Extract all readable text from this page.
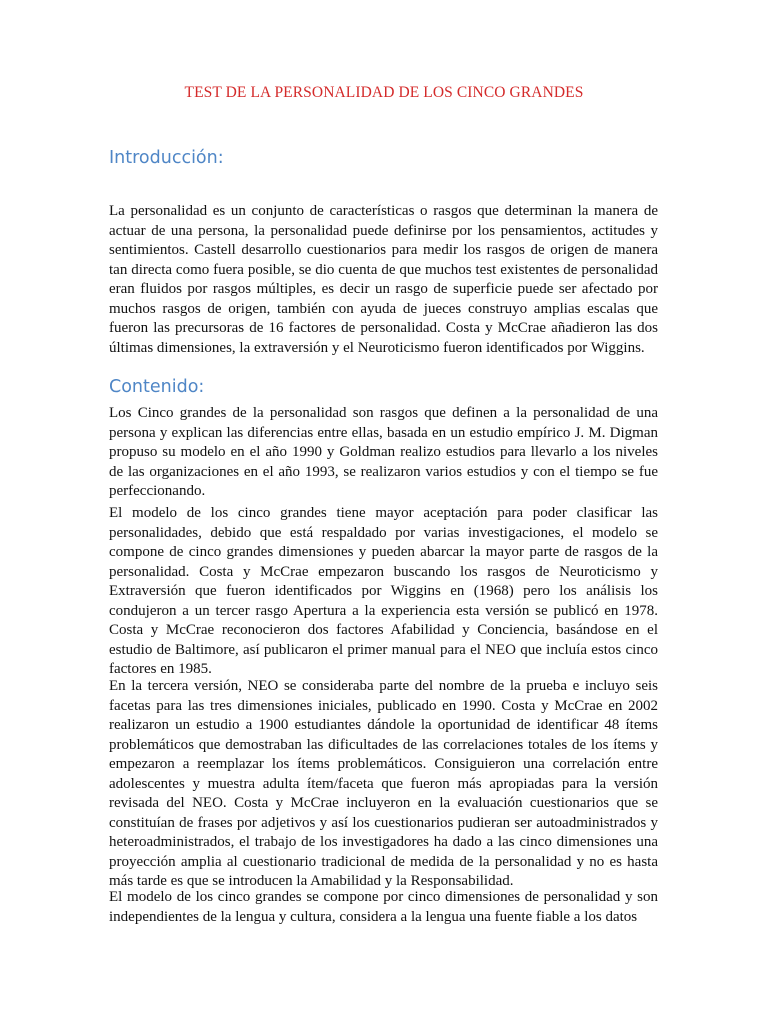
TEST DE LA PERSONALIDAD DE LOS CINCO GRANDES
Introducción:
La personalidad es un conjunto de características o rasgos que determinan la manera de actuar de una persona, la personalidad puede definirse por los pensamientos, actitudes y sentimientos. Castell desarrollo cuestionarios para medir los rasgos de origen de manera tan directa como fuera posible, se dio cuenta de que muchos test existentes de personalidad eran fluidos por rasgos múltiples, es decir un rasgo de superficie puede ser afectado por muchos rasgos de origen, también con ayuda de jueces construyo amplias escalas que fueron las precursoras de 16 factores de personalidad. Costa y McCrae añadieron las dos últimas dimensiones, la extraversión y el Neuroticismo fueron identificados por Wiggins.
Contenido:
Los Cinco grandes de la personalidad son rasgos que definen a la personalidad de una persona y explican las diferencias entre ellas, basada en un estudio empírico J. M. Digman propuso su modelo en el año 1990 y Goldman realizo estudios para llevarlo a los niveles de las organizaciones en el año 1993, se realizaron varios estudios y con el tiempo se fue perfeccionando.
El modelo de los cinco grandes tiene mayor aceptación para poder clasificar las personalidades, debido que está respaldado por varias investigaciones, el modelo se compone de cinco grandes dimensiones y pueden abarcar la mayor parte de rasgos de la personalidad. Costa y McCrae empezaron buscando los rasgos de Neuroticismo y Extraversión que fueron identificados por Wiggins en (1968) pero los análisis los condujeron a un tercer rasgo Apertura a la experiencia esta versión se publicó en 1978. Costa y McCrae reconocieron dos factores Afabilidad y Conciencia, basándose en el estudio de Baltimore, así publicaron el primer manual para el NEO que incluía estos cinco factores en 1985.
En la tercera versión, NEO se consideraba parte del nombre de la prueba e incluyo seis facetas para las tres dimensiones iniciales, publicado en 1990. Costa y McCrae en 2002 realizaron un estudio a 1900 estudiantes dándole la oportunidad de identificar 48 ítems problemáticos que demostraban las dificultades de las correlaciones totales de los ítems y empezaron a reemplazar los ítems problemáticos. Consiguieron una correlación entre adolescentes y muestra adulta ítem/faceta que fueron más apropiadas para la versión revisada del NEO. Costa y McCrae incluyeron en la evaluación cuestionarios que se constituían de frases por adjetivos y así los cuestionarios pudieran ser autoadministrados y heteroadministrados, el trabajo de los investigadores ha dado a las cinco dimensiones una proyección amplia al cuestionario tradicional de medida de la personalidad y no es hasta más tarde es que se introducen la Amabilidad y la Responsabilidad.
El modelo de los cinco grandes se compone por cinco dimensiones de personalidad y son independientes de la lengua y cultura, considera a la lengua una fuente fiable a los datos
